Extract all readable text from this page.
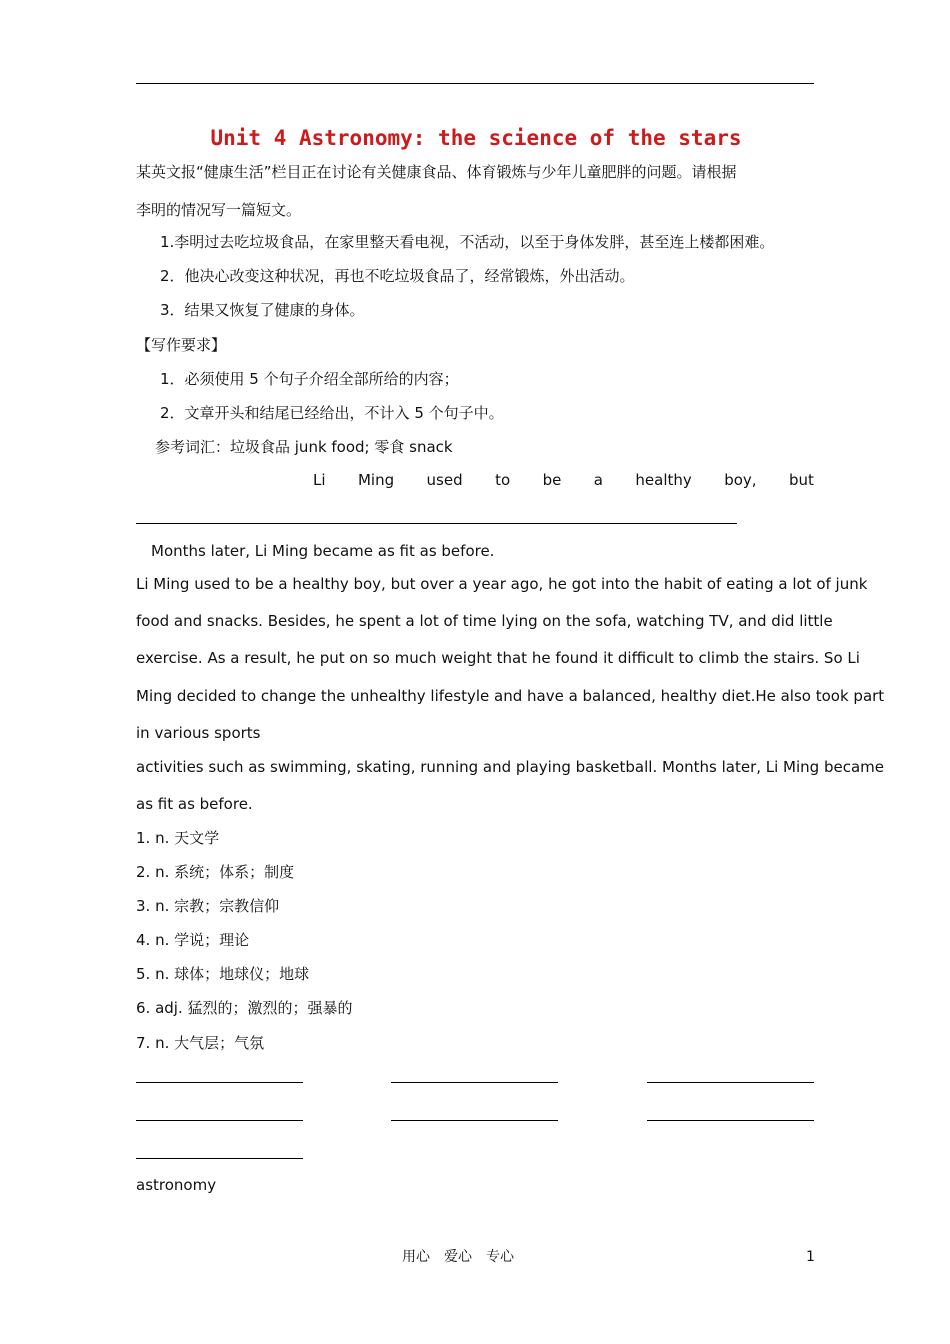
Unit 4 Astronomy: the science of the stars
某英文报“健康生活”栏目正在讨论有关健康食品、体育锻炼与少年儿童肥胖的问题。请根据
李明的情况写一篇短文。
1.李明过去吃垃圾食品，在家里整天看电视，不活动，以至于身体发胖，甚至连上楼都困难。
2．他决心改变这种状况，再也不吃垃圾食品了，经常锻炼，外出活动。
3．结果又恢复了健康的身体。
【写作要求】
1．必须使用 5 个句子介绍全部所给的内容；
2．文章开头和结尾已经给出，不计入 5 个句子中。
参考词汇：垃圾食品 junk food; 零食 snack
Li Ming used to be a healthy boy, but
Months later, Li Ming became as fit as before.
Li Ming used to be a healthy boy, but over a year ago, he got into the habit of eating a lot of junk
food and snacks. Besides, he spent a lot of time lying on the sofa, watching TV, and did little
exercise. As a result, he put on so much weight that he found it difficult to climb the stairs. So Li
Ming decided to change the unhealthy lifestyle and have a balanced, healthy diet.He also took part
in various sports
activities such as swimming, skating, running and playing basketball. Months later, Li Ming became
as fit as before.
1. n. 天文学
2. n. 系统；体系；制度
3. n. 宗教；宗教信仰
4. n. 学说；理论
5. n. 球体；地球仪；地球
6. adj. 猛烈的；激烈的；强暴的
7. n. 大气层；气氛
astronomy
用心　爱心　专心	1
